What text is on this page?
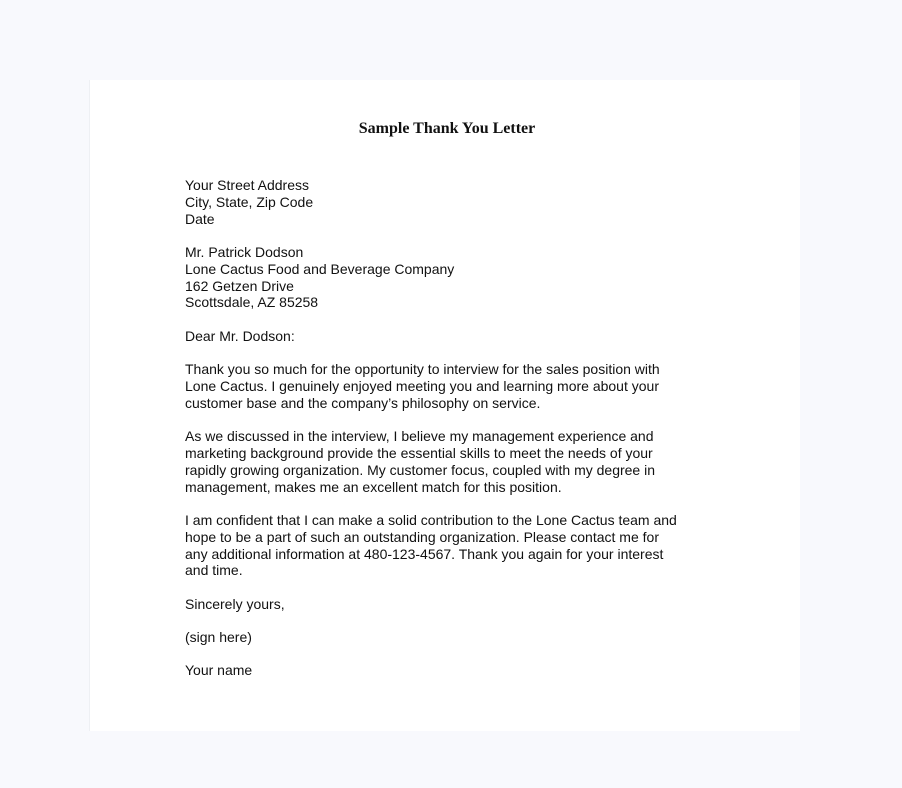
Sample Thank You Letter
Your Street Address
City, State, Zip Code
Date
Mr. Patrick Dodson
Lone Cactus Food and Beverage Company
162 Getzen Drive
Scottsdale, AZ 85258
Dear Mr. Dodson:
Thank you so much for the opportunity to interview for the sales position with
Lone Cactus. I genuinely enjoyed meeting you and learning more about your
customer base and the company’s philosophy on service.
As we discussed in the interview, I believe my management experience and
marketing background provide the essential skills to meet the needs of your
rapidly growing organization. My customer focus, coupled with my degree in
management, makes me an excellent match for this position.
I am confident that I can make a solid contribution to the Lone Cactus team and
hope to be a part of such an outstanding organization. Please contact me for
any additional information at 480-123-4567. Thank you again for your interest
and time.
Sincerely yours,
(sign here)
Your name
